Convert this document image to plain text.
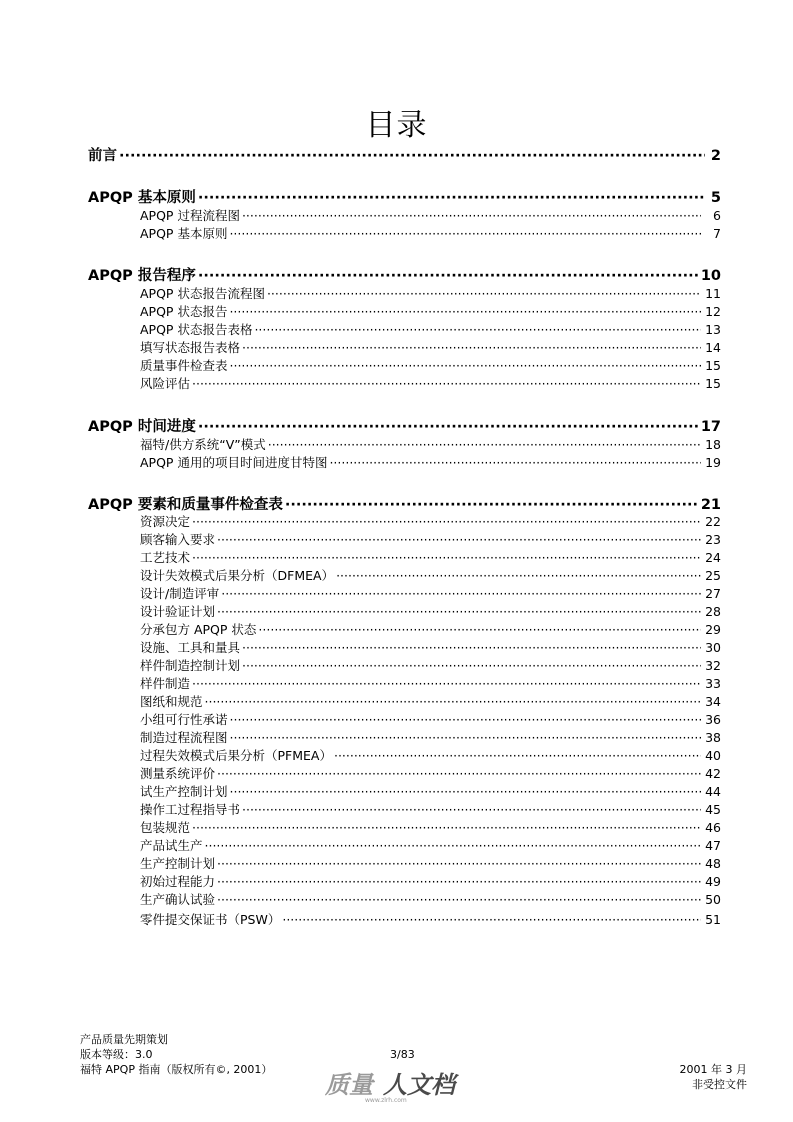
目录
前言 ·····	2
APQP 基本原则 ·····	5
APQP 过程流程图 ·····	6
APQP 基本原则 ·····	7
APQP 报告程序 ·····	10
APQP 状态报告流程图 ·····	11
APQP 状态报告 ·····	12
APQP 状态报告表格 ·····	13
填写状态报告表格 ·····	14
质量事件检查表 ·····	15
风险评估 ·····	15
APQP 时间进度 ·····	17
福特/供方系统“V”模式 ·····	18
APQP 通用的项目时间进度甘特图 ·····	19
APQP 要素和质量事件检查表 ·····	21
资源决定 ·····	22
顾客输入要求 ·····	23
工艺技术 ·····	24
设计失效模式后果分析（DFMEA） ·····	25
设计/制造评审 ·····	27
设计验证计划 ·····	28
分承包方 APQP 状态 ·····	29
设施、工具和量具 ·····	30
样件制造控制计划 ·····	32
样件制造 ·····	33
图纸和规范 ·····	34
小组可行性承诺 ·····	36
制造过程流程图 ·····	38
过程失效模式后果分析（PFMEA） ·····	40
测量系统评价 ·····	42
试生产控制计划 ·····	44
操作工过程指导书 ·····	45
包装规范 ·····	46
产品试生产 ·····	47
生产控制计划 ·····	48
初始过程能力 ·····	49
生产确认试验 ·····	50
零件提交保证书（PSW） ·····	51
产品质量先期策划
版本等级：3.0
福特 APQP 指南（版权所有©, 2001）
3/83
2001 年 3 月
非受控文件
质量 人文档
www.zlrh.com
